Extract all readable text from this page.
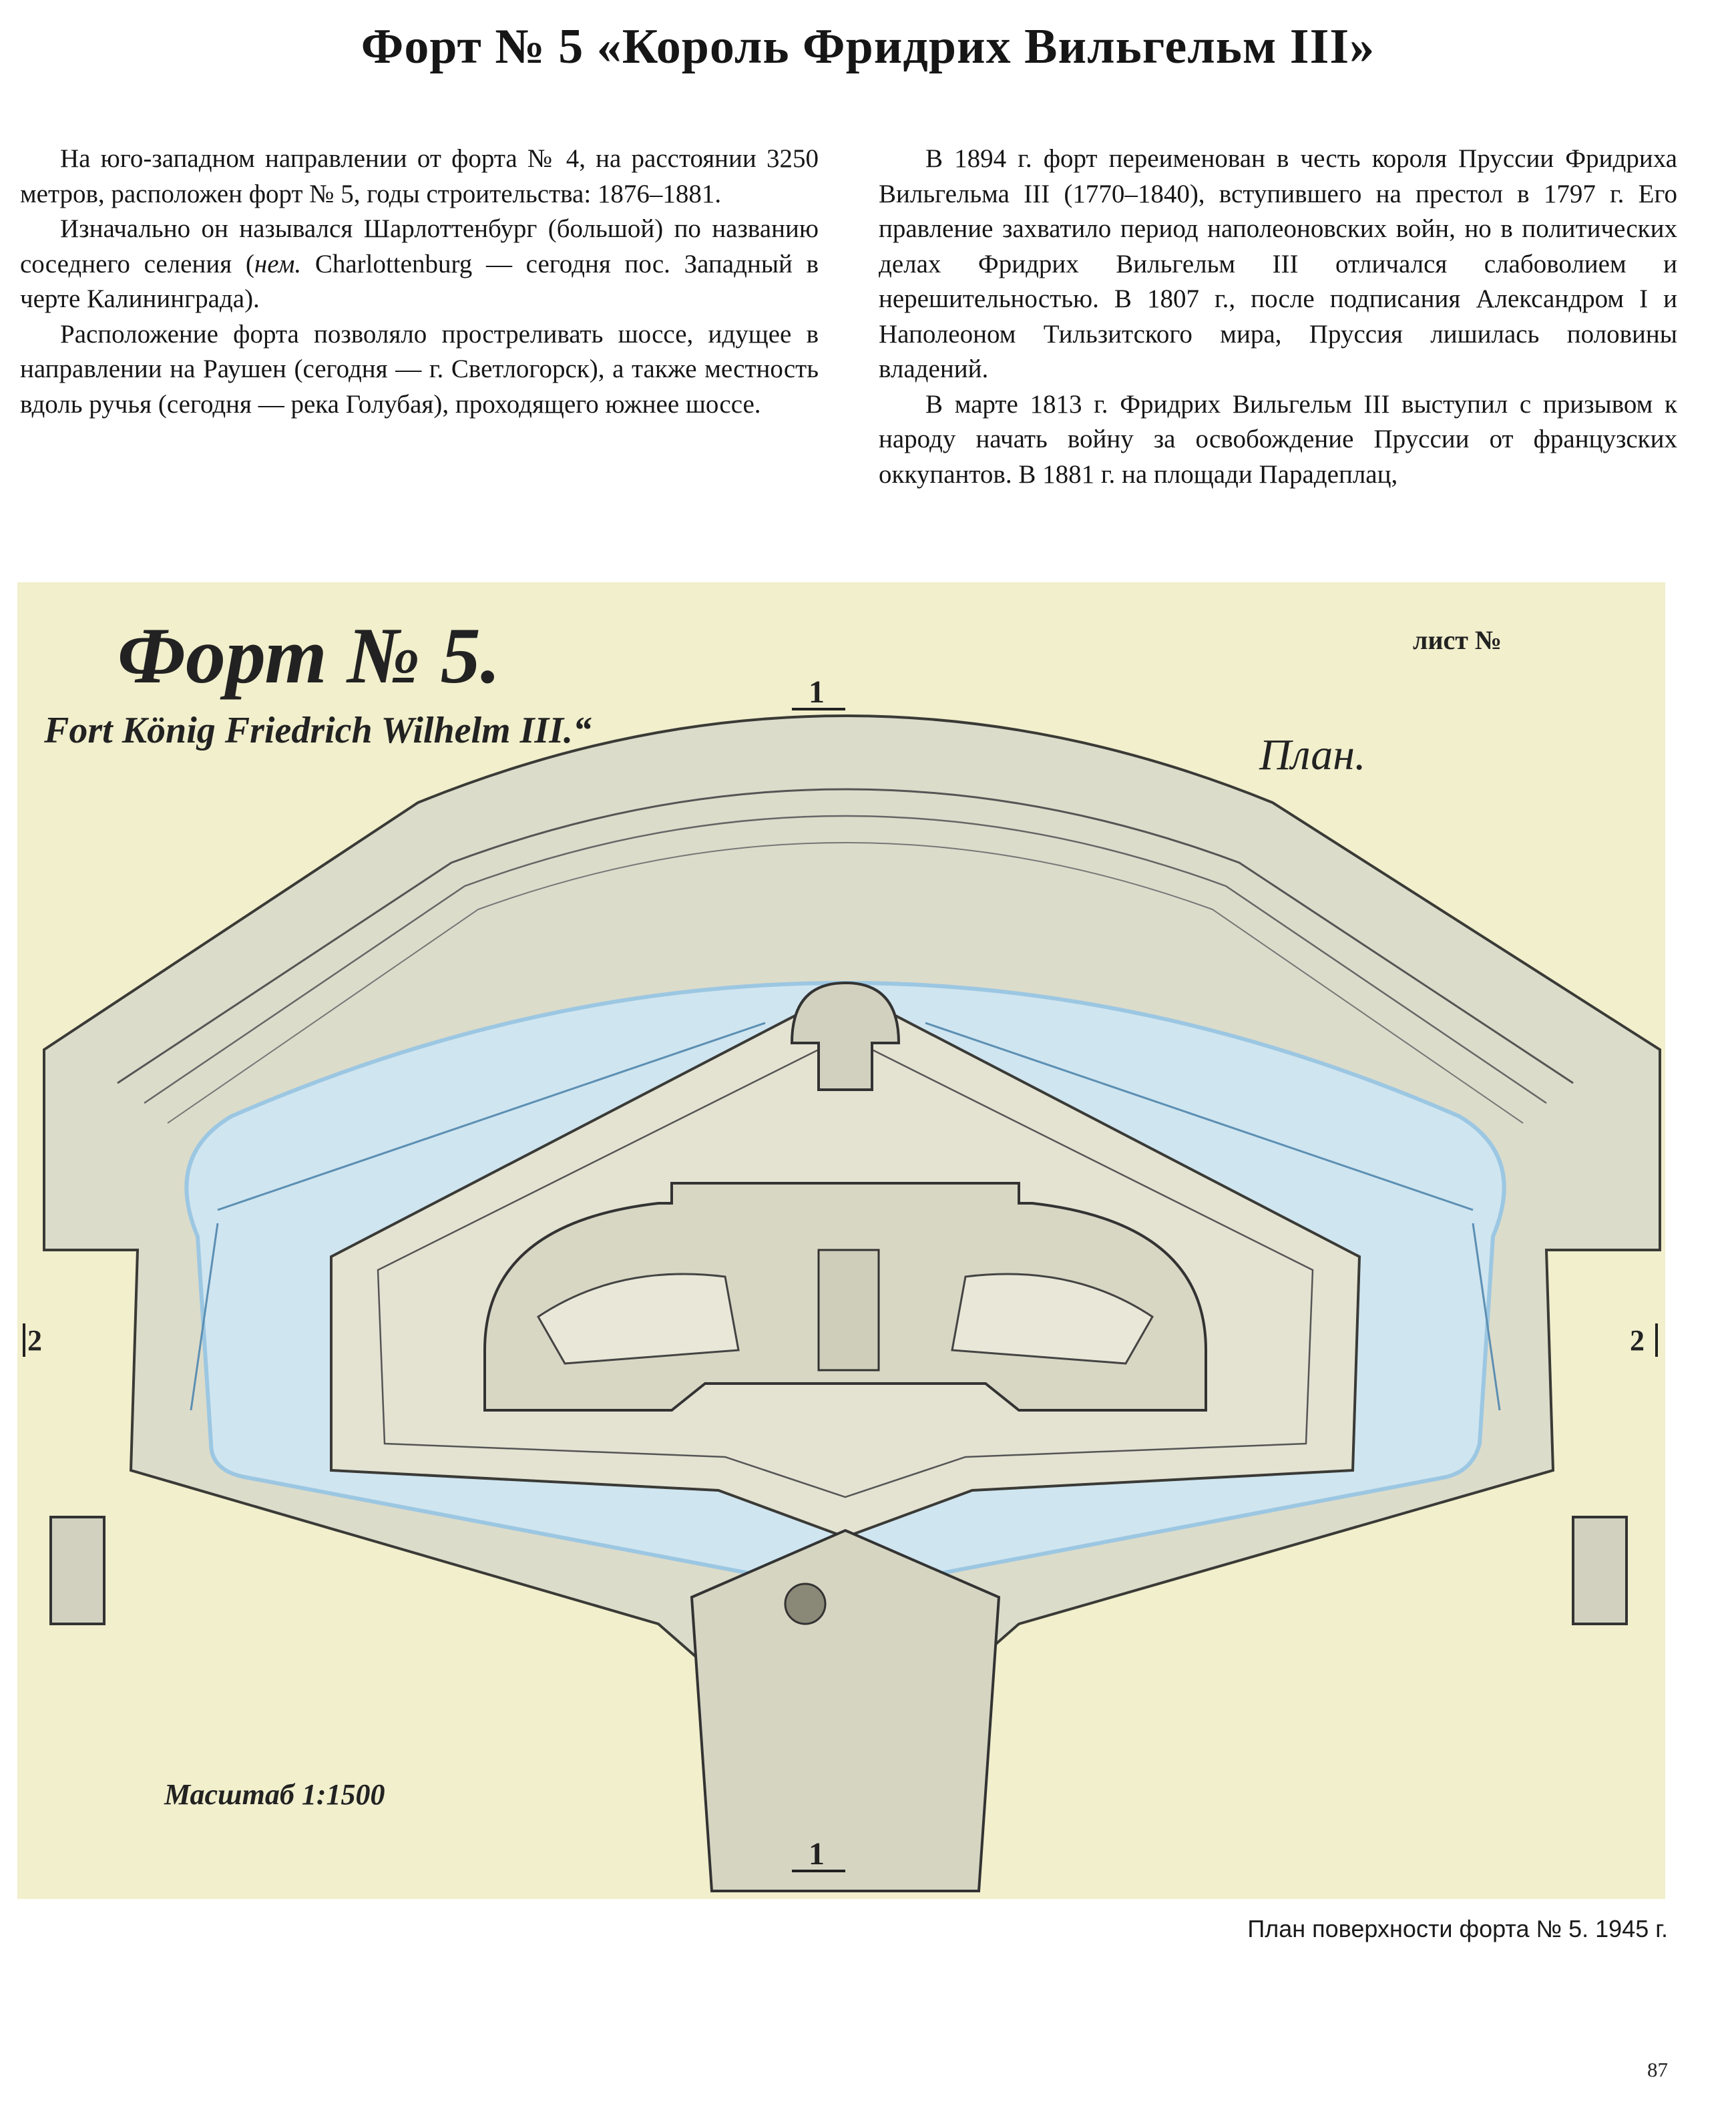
Форт № 5 «Король Фридрих Вильгельм III»

На юго-западном направлении от форта № 4, на расстоянии 3250 метров, расположен форт № 5, годы строительства: 1876–1881.

Изначально он назывался Шарлоттенбург (большой) по названию соседнего селения (нем. Charlottenburg — сегодня пос. Западный в черте Калининграда).

Расположение форта позволяло простреливать шоссе, идущее в направлении на Раушен (сегодня — г. Светлогорск), а также местность вдоль ручья (сегодня — река Голубая), проходящего южнее шоссе.

В 1894 г. форт переименован в честь короля Пруссии Фридриха Вильгельма III (1770–1840), вступившего на престол в 1797 г. Его правление захватило период наполеоновских войн, но в политических делах Фридрих Вильгельм III отличался слабоволием и нерешительностью. В 1807 г., после подписания Александром I и Наполеоном Тильзитского мира, Пруссия лишилась половины владений.

В марте 1813 г. Фридрих Вильгельм III выступил с призывом к народу начать войну за освобождение Пруссии от французских оккупантов. В 1881 г. на площади Парадеплац,

Форт № 5.
Fort König Friedrich Wilhelm III.“
лист №
План.
Масштаб 1:1500
1
1
2	2

План поверхности форта № 5. 1945 г.

87
